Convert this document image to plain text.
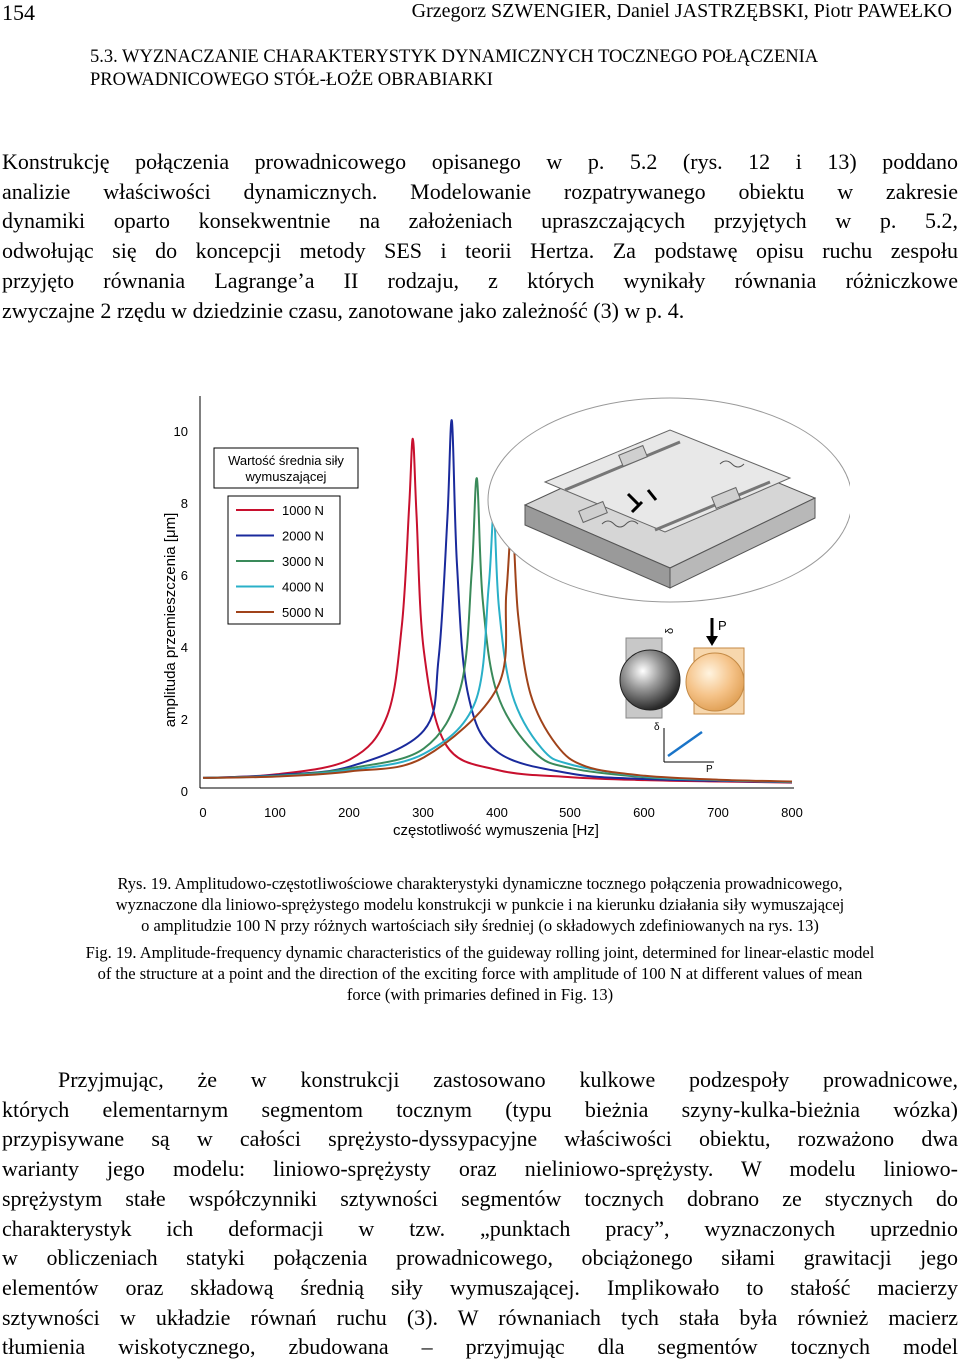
154	Grzegorz SZWENGIER, Daniel JASTRZĘBSKI, Piotr PAWEŁKO
5.3. WYZNACZANIE CHARAKTERYSTYK DYNAMICZNYCH TOCZNEGO POŁĄCZENIA
PROWADNICOWEGO STÓŁ-ŁOŻE OBRABIARKI
Konstrukcję połączenia prowadnicowego opisanego w p. 5.2 (rys. 12 i 13) poddano
analizie właściwości dynamicznych. Modelowanie rozpatrywanego obiektu w zakresie
dynamiki oparto konsekwentnie na założeniach upraszczających przyjętych w p. 5.2,
odwołując się do koncepcji metody SES i teorii Hertza. Za podstawę opisu ruchu zespołu
przyjęto równania Lagrange’a II rodzaju, z których wynikały równania różniczkowe
zwyczajne 2 rzędu w dziedzinie czasu, zanotowane jako zależność (3) w p. 4.
0
2
4
6
8
10
0	100	200	300	400	500	600	700	800
częstotliwość wymuszenia [Hz]
amplituda przemieszczenia [μm]
Wartość średnia siły
wymuszającej
1000 N
2000 N
3000 N
4000 N
5000 N
δ	P
δ
P
Rys. 19. Amplitudowo-częstotliwościowe charakterystyki dynamiczne tocznego połączenia prowadnicowego,
wyznaczone dla liniowo-sprężystego modelu konstrukcji w punkcie i na kierunku działania siły wymuszającej
o amplitudzie 100 N przy różnych wartościach siły średniej (o składowych zdefiniowanych na rys. 13)
Fig. 19. Amplitude-frequency dynamic characteristics of the guideway rolling joint, determined for linear-elastic model
of the structure at a point and the direction of the exciting force with amplitude of 100 N at different values of mean
force (with primaries defined in Fig. 13)
Przyjmując, że w konstrukcji zastosowano kulkowe podzespoły prowadnicowe,
których elementarnym segmentom tocznym (typu bieżnia szyny-kulka-bieżnia wózka)
przypisywane są w całości sprężysto-dyssypacyjne właściwości obiektu, rozważono dwa
warianty jego modelu: liniowo-sprężysty oraz nieliniowo-sprężysty. W modelu liniowo-
sprężystym stałe współczynniki sztywności segmentów tocznych dobrano ze stycznych do
charakterystyk ich deformacji w tzw. „punktach pracy”, wyznaczonych uprzednio
w obliczeniach statyki połączenia prowadnicowego, obciążonego siłami grawitacji jego
elementów oraz składową średnią siły wymuszającej. Implikowało to stałość macierzy
sztywności w układzie równań ruchu (3). W równaniach tych stała była również macierz
tłumienia wiskotycznego, zbudowana – przyjmując dla segmentów tocznych model
